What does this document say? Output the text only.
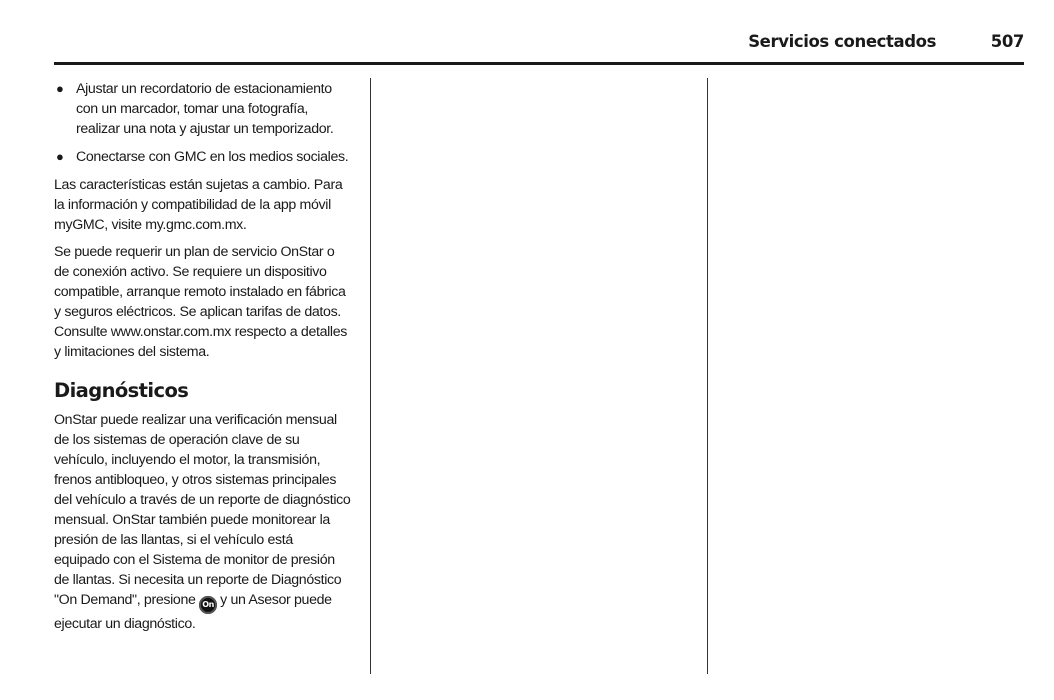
Servicios conectados	507
● Ajustar un recordatorio de estacionamiento con un marcador, tomar una fotografía, realizar una nota y ajustar un temporizador.
● Conectarse con GMC en los medios sociales.

Las características están sujetas a cambio. Para la información y compatibilidad de la app móvil myGMC, visite my.gmc.com.mx.

Se puede requerir un plan de servicio OnStar o de conexión activo. Se requiere un dispositivo compatible, arranque remoto instalado en fábrica y seguros eléctricos. Se aplican tarifas de datos. Consulte www.onstar.com.mx respecto a detalles y limitaciones del sistema.

Diagnósticos

OnStar puede realizar una verificación mensual de los sistemas de operación clave de su vehículo, incluyendo el motor, la transmisión, frenos antibloqueo, y otros sistemas principales del vehículo a través de un reporte de diagnóstico mensual. OnStar también puede monitorear la presión de las llantas, si el vehículo está equipado con el Sistema de monitor de presión de llantas. Si necesita un reporte de Diagnóstico "On Demand", presione On y un Asesor puede ejecutar un diagnóstico.
